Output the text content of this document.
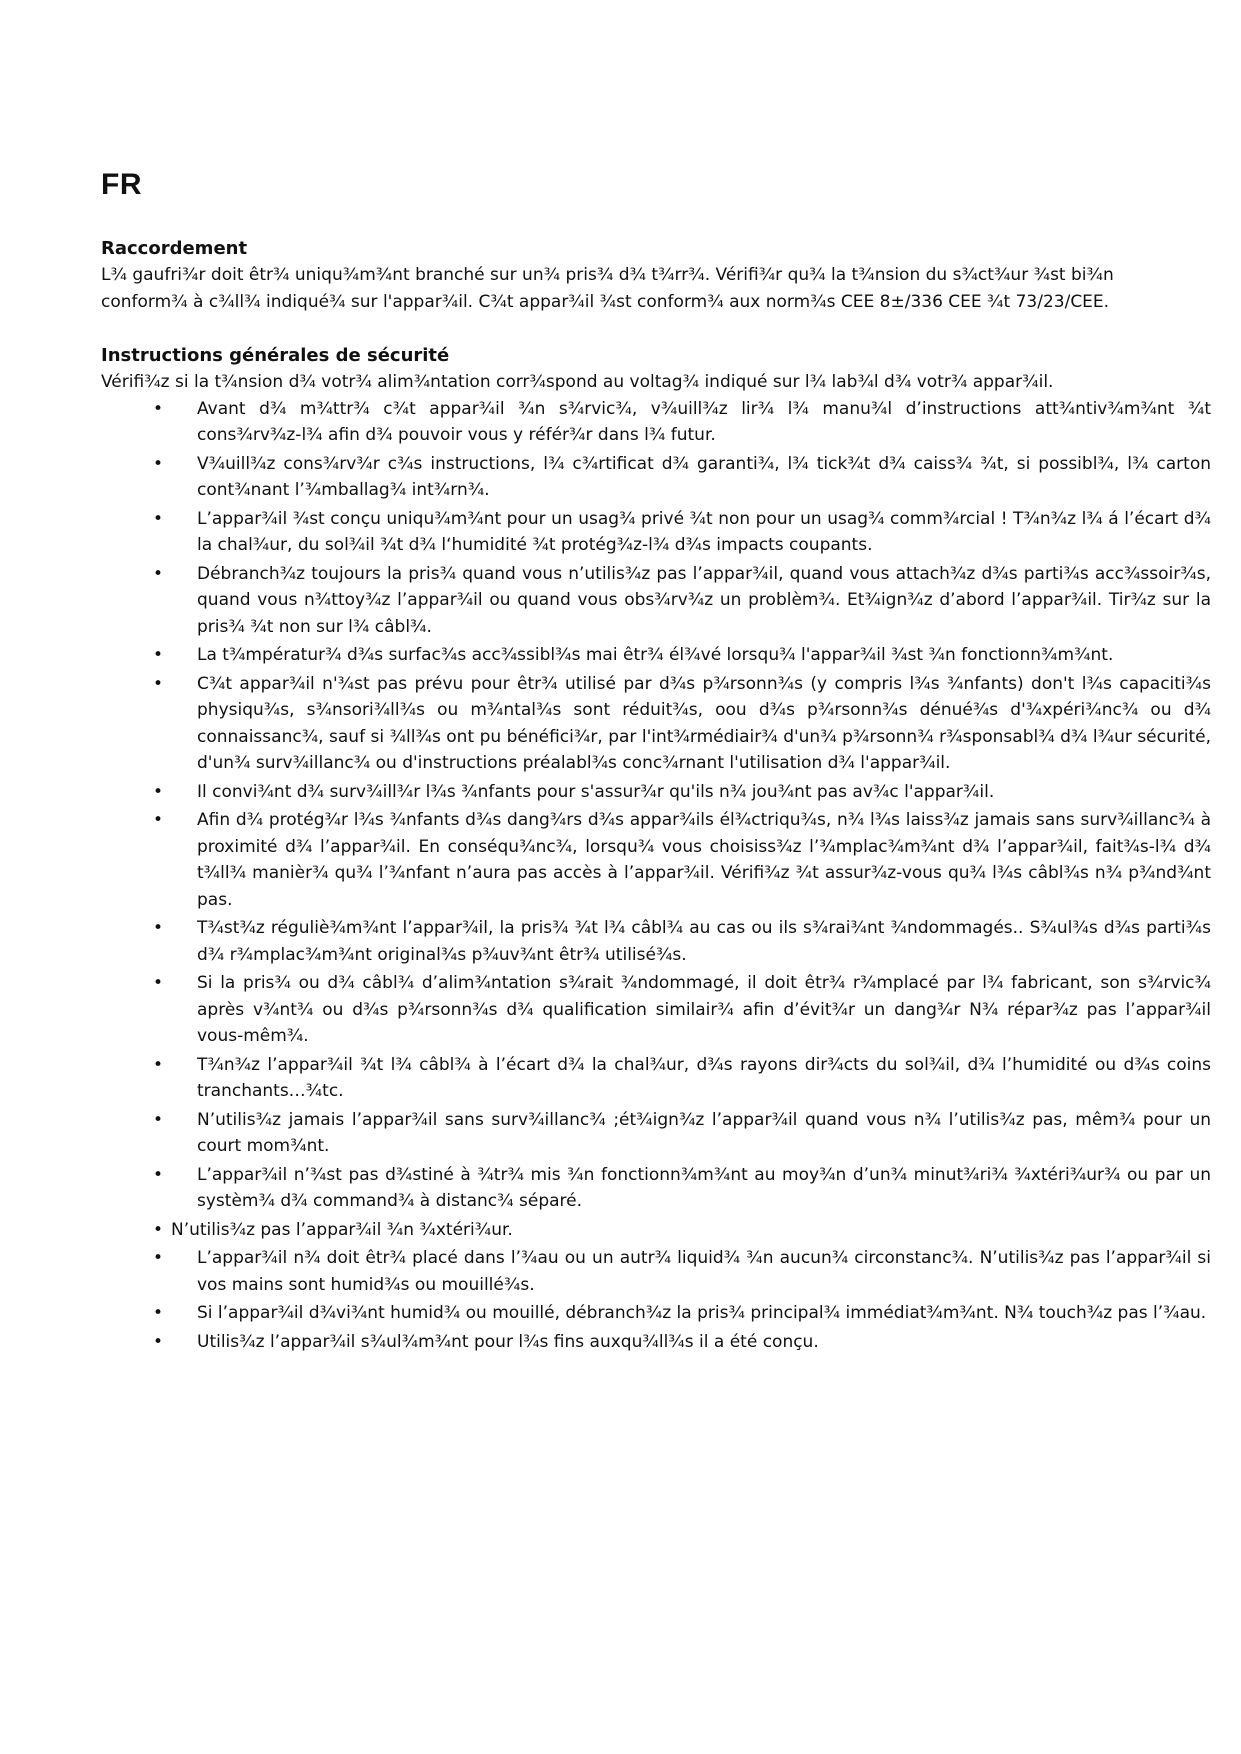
FR
Raccordement

L¾ gaufri¾r doit êtr¾ uniqu¾m¾nt branché sur un¾ pris¾ d¾ t¾rr¾. Vérifi¾r qu¾ la t¾nsion du s¾ct¾ur ¾st bi¾n conform¾ à c¾ll¾ indiqué¾ sur l'appar¾il. C¾t appar¾il ¾st conform¾ aux norm¾s CEE 8±/336 CEE ¾t 73/23/CEE.

Instructions générales de sécurité

Vérifi¾z si la t¾nsion d¾ votr¾ alim¾ntation corr¾spond au voltag¾ indiqué sur l¾ lab¾l d¾ votr¾ appar¾il.

• Avant d¾ m¾ttr¾ c¾t appar¾il ¾n s¾rvic¾, v¾uill¾z lir¾ l¾ manu¾l d’instructions att¾ntiv¾m¾nt ¾t cons¾rv¾z-l¾ afin d¾ pouvoir vous y référ¾r dans l¾ futur.
• V¾uill¾z cons¾rv¾r c¾s instructions, l¾ c¾rtificat d¾ garanti¾, l¾ tick¾t d¾ caiss¾ ¾t, si possibl¾, l¾ carton cont¾nant l’¾mballag¾ int¾rn¾.
• L’appar¾il ¾st conçu uniqu¾m¾nt pour un usag¾ privé ¾t non pour un usag¾ comm¾rcial ! T¾n¾z l¾ á l’écart d¾ la chal¾ur, du sol¾il ¾t d¾ l‘humidité ¾t protég¾z-l¾ d¾s impacts coupants.
• Débranch¾z toujours la pris¾ quand vous n’utilis¾z pas l’appar¾il, quand vous attach¾z d¾s parti¾s acc¾ssoir¾s, quand vous n¾ttoy¾z l’appar¾il ou quand vous obs¾rv¾z un problèm¾. Et¾ign¾z d’abord l’appar¾il. Tir¾z sur la pris¾ ¾t non sur l¾ câbl¾.
• La t¾mpératur¾ d¾s surfac¾s acc¾ssibl¾s mai êtr¾ él¾vé lorsqu¾ l'appar¾il ¾st ¾n fonctionn¾m¾nt.
• C¾t appar¾il n'¾st pas prévu pour êtr¾ utilisé par d¾s p¾rsonn¾s (y compris l¾s ¾nfants) don't l¾s capaciti¾s physiqu¾s, s¾nsori¾ll¾s ou m¾ntal¾s sont réduit¾s, oou d¾s p¾rsonn¾s dénué¾s d'¾xpéri¾nc¾ ou d¾ connaissanc¾, sauf si ¾ll¾s ont pu bénéfici¾r, par l'int¾rmédiair¾ d'un¾ p¾rsonn¾ r¾sponsabl¾ d¾ l¾ur sécurité, d'un¾ surv¾illanc¾ ou d'instructions préalabl¾s conc¾rnant l'utilisation d¾ l'appar¾il.
• Il convi¾nt d¾ surv¾ill¾r l¾s ¾nfants pour s'assur¾r qu'ils n¾ jou¾nt pas av¾c l'appar¾il.
• Afin d¾ protég¾r l¾s ¾nfants d¾s dang¾rs d¾s appar¾ils él¾ctriqu¾s, n¾ l¾s laiss¾z jamais sans surv¾illanc¾ à proximité d¾ l’appar¾il. En conséqu¾nc¾, lorsqu¾ vous choisiss¾z l’¾mplac¾m¾nt d¾ l’appar¾il, fait¾s-l¾ d¾ t¾ll¾ manièr¾ qu¾ l’¾nfant n’aura pas accès à l’appar¾il. Vérifi¾z ¾t assur¾z-vous qu¾ l¾s câbl¾s n¾ p¾nd¾nt pas.
• T¾st¾z réguliè¾m¾nt l’appar¾il, la pris¾ ¾t l¾ câbl¾ au cas ou ils s¾rai¾nt ¾ndommagés.. S¾ul¾s d¾s parti¾s d¾ r¾mplac¾m¾nt original¾s p¾uv¾nt êtr¾ utilisé¾s.
• Si la pris¾ ou d¾ câbl¾ d’alim¾ntation s¾rait ¾ndommagé, il doit êtr¾ r¾mplacé par l¾ fabricant, son s¾rvic¾ après v¾nt¾ ou d¾s p¾rsonn¾s d¾ qualification similair¾ afin d’évit¾r un dang¾r N¾ répar¾z pas l’appar¾il vous-mêm¾.
• T¾n¾z l’appar¾il ¾t l¾ câbl¾ à l’écart d¾ la chal¾ur, d¾s rayons dir¾cts du sol¾il, d¾ l’humidité ou d¾s coins tranchants…¾tc.
• N’utilis¾z jamais l’appar¾il sans surv¾illanc¾ ;ét¾ign¾z l’appar¾il quand vous n¾ l’utilis¾z pas, mêm¾ pour un court mom¾nt.
• L’appar¾il n’¾st pas d¾stiné à ¾tr¾ mis ¾n fonctionn¾m¾nt au moy¾n d’un¾ minut¾ri¾ ¾xtéri¾ur¾ ou par un systèm¾ d¾ command¾ à distanc¾ séparé.
• N’utilis¾z pas l’appar¾il ¾n ¾xtéri¾ur.
• L’appar¾il n¾ doit êtr¾ placé dans l’¾au ou un autr¾ liquid¾ ¾n aucun¾ circonstanc¾. N’utilis¾z pas l’appar¾il si vos mains sont humid¾s ou mouillé¾s.
• Si l’appar¾il d¾vi¾nt humid¾ ou mouillé, débranch¾z la pris¾ principal¾ immédiat¾m¾nt. N¾ touch¾z pas l’¾au.
• Utilis¾z l’appar¾il s¾ul¾m¾nt pour l¾s fins auxqu¾ll¾s il a été conçu.
